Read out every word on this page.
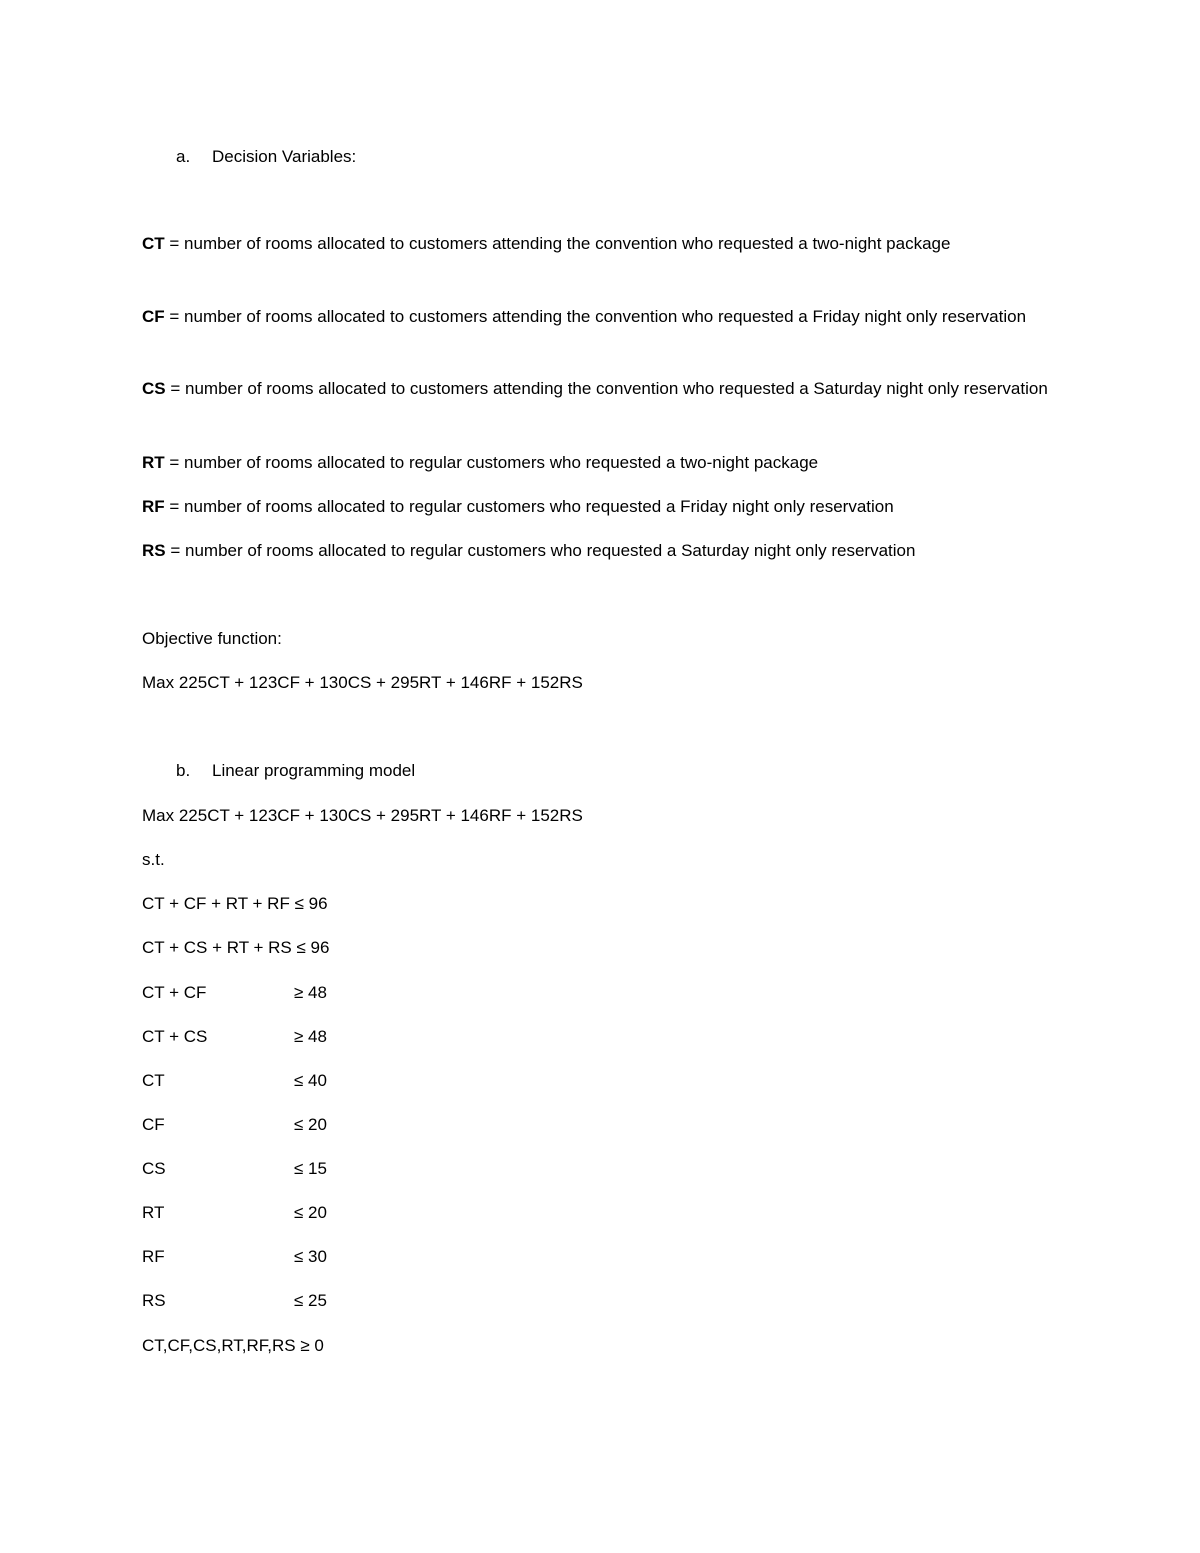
a. Decision Variables:
CT = number of rooms allocated to customers attending the convention who requested a two-night package
CF = number of rooms allocated to customers attending the convention who requested a Friday night only reservation
CS = number of rooms allocated to customers attending the convention who requested a Saturday night only reservation
RT = number of rooms allocated to regular customers who requested a two-night package
RF = number of rooms allocated to regular customers who requested a Friday night only reservation
RS = number of rooms allocated to regular customers who requested a Saturday night only reservation
Objective function:
Max 225CT + 123CF + 130CS + 295RT + 146RF + 152RS
b. Linear programming model
Max 225CT + 123CF + 130CS + 295RT + 146RF + 152RS
s.t.
CT + CF + RT + RF ≤ 96
CT + CS + RT + RS ≤ 96
CT + CF	≥ 48
CT + CS	≥ 48
CT	≤ 40
CF	≤ 20
CS	≤ 15
RT	≤ 20
RF	≤ 30
RS	≤ 25
CT,CF,CS,RT,RF,RS ≥ 0
